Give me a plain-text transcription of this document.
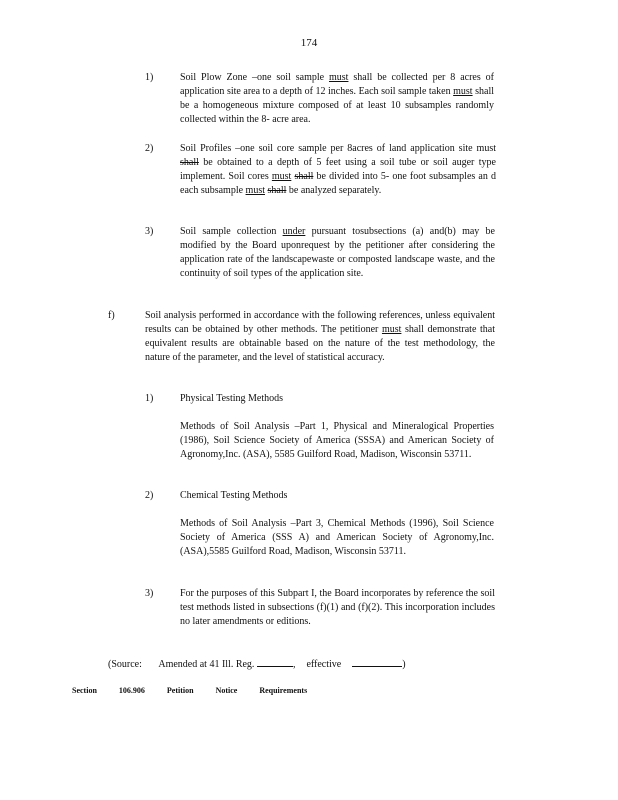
174
1)	Soil Plow Zone –one soil sample must shall be collected per 8 acres of application site area to a depth of 12 inches. Each soil sample taken must shall be a homogeneous mixture composed of at least 10 subsamples randomly collected within the 8- acre area.
2)	Soil Profiles –one soil core sample per 8acres of land application site must shall be obtained to a depth of 5 feet using a soil tube or soil auger type implement. Soil cores must shall be divided into 5- one foot subsamples an d each subsample must shall be analyzed separately.
3)	Soil sample collection under pursuant tosubsections (a) and(b) may be modified by the Board uponrequest by the petitioner after considering the application rate of the landscapewaste or composted landscape waste, and the continuity of soil types of the application site.
f)	Soil analysis performed in accordance with the following references, unless equivalent results can be obtained by other methods. The petitioner must shall demonstrate that equivalent results are obtainable based on the nature of the test methodology, the nature of the parameter, and the level of statistical accuracy.
1)	Physical Testing Methods
Methods of Soil Analysis –Part 1, Physical and Mineralogical Properties (1986), Soil Science Society of America (SSSA) and American Society of Agronomy,Inc. (ASA), 5585 Guilford Road, Madison, Wisconsin 53711.
2)	Chemical Testing Methods
Methods of Soil Analysis –Part 3, Chemical Methods (1996), Soil Science Society of America (SSS A) and American Society of Agronomy,Inc. (ASA),5585 Guilford Road, Madison, Wisconsin 53711.
3)	For the purposes of this Subpart I, the Board incorporates by reference the soil test methods listed in subsections (f)(1) and (f)(2). This incorporation includes no later amendments or editions.
(Source: Amended at 41 Ill. Reg.	, effective	)
Section	106.906	Petition	Notice	Requirements
